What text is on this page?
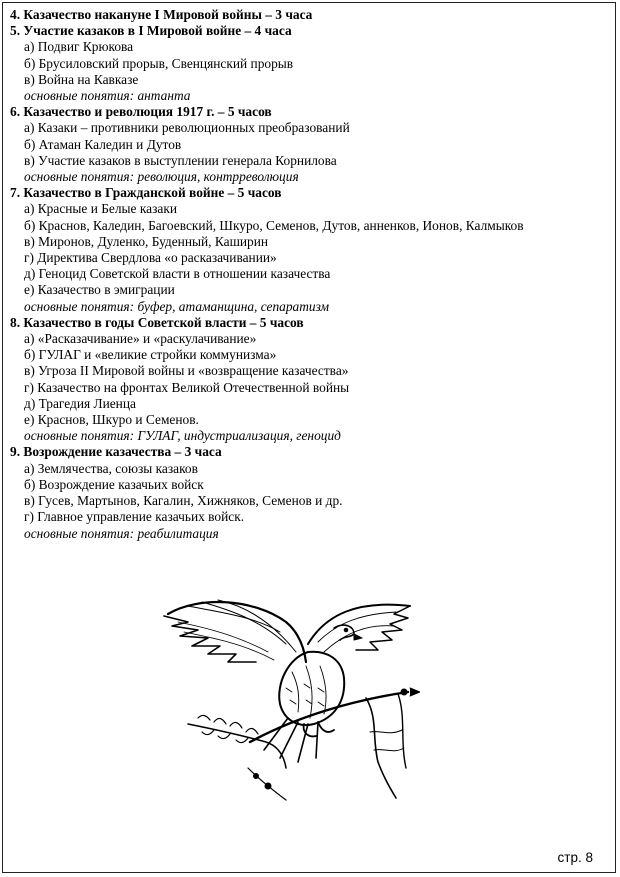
4. Казачество накануне I Мировой войны – 3 часа
5. Участие казаков в I Мировой войне – 4 часа
а) Подвиг Крюкова
б) Брусиловский прорыв, Свенцянский прорыв
в) Война на Кавказе
основные понятия: антанта
6. Казачество и революция 1917 г. – 5 часов
а) Казаки – противники революционных преобразований
б) Атаман Каледин и Дутов
в) Участие казаков в выступлении генерала Корнилова
основные понятия: революция, контрреволюция
7. Казачество в Гражданской войне – 5 часов
а) Красные и Белые казаки
б) Краснов, Каледин, Багоевский, Шкуро, Семенов, Дутов, анненков, Ионов, Калмыков
в) Миронов, Дуленко, Буденный, Каширин
г) Директива Свердлова «о расказачивании»
д) Геноцид Советской власти в отношении казачества
е) Казачество в эмиграции
основные понятия: буфер, атаманщина, сепаратизм
8. Казачество в годы Советской власти – 5 часов
а) «Расказачивание» и «раскулачивание»
б) ГУЛАГ и «великие стройки коммунизма»
в) Угроза II Мировой войны и «возвращение казачества»
г) Казачество на фронтах Великой Отечественной войны
д) Трагедия Лиенца
е) Краснов, Шкуро и Семенов.
основные понятия: ГУЛАГ, индустриализация, геноцид
9. Возрождение казачества – 3 часа
а) Землячества, союзы казаков
б) Возрождение казачьих войск
в) Гусев, Мартынов, Кагалин, Хижняков, Семенов и др.
г) Главное управление казачьих войск.
основные понятия: реабилитация
стр. 8
